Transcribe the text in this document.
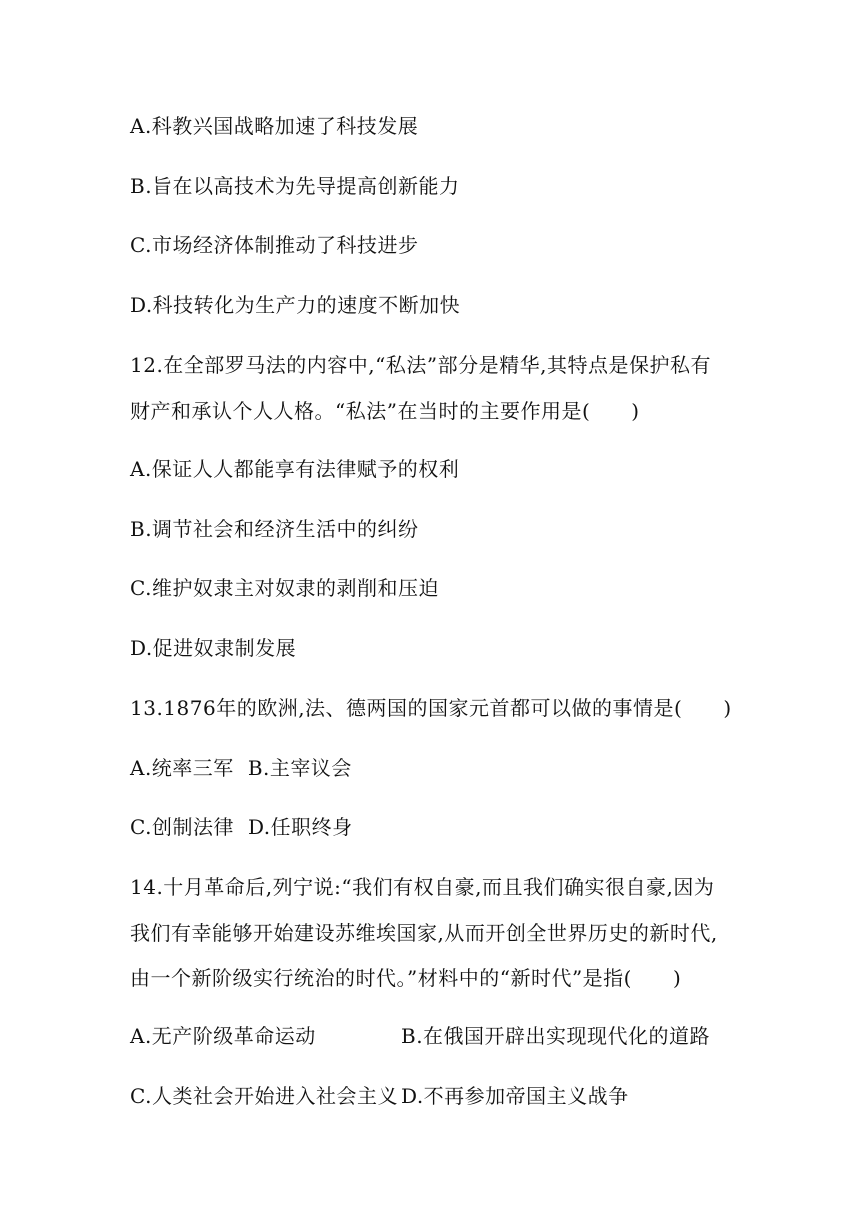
A.科教兴国战略加速了科技发展
B.旨在以高技术为先导提高创新能力
C.市场经济体制推动了科技进步
D.科技转化为生产力的速度不断加快
12.在全部罗马法的内容中,“私法”部分是精华,其特点是保护私有
财产和承认个人人格。“私法”在当时的主要作用是(　　)
A.保证人人都能享有法律赋予的权利
B.调节社会和经济生活中的纠纷
C.维护奴隶主对奴隶的剥削和压迫
D.促进奴隶制发展
13.1876年的欧洲,法、德两国的国家元首都可以做的事情是(　　)
A.统率三军 B.主宰议会
C.创制法律 D.任职终身
14.十月革命后,列宁说:“我们有权自豪,而且我们确实很自豪,因为
我们有幸能够开始建设苏维埃国家,从而开创全世界历史的新时代,
由一个新阶级实行统治的时代。”材料中的“新时代”是指(　　)
A.无产阶级革命运动	B.在俄国开辟出实现现代化的道路
C.人类社会开始进入社会主义 D.不再参加帝国主义战争
